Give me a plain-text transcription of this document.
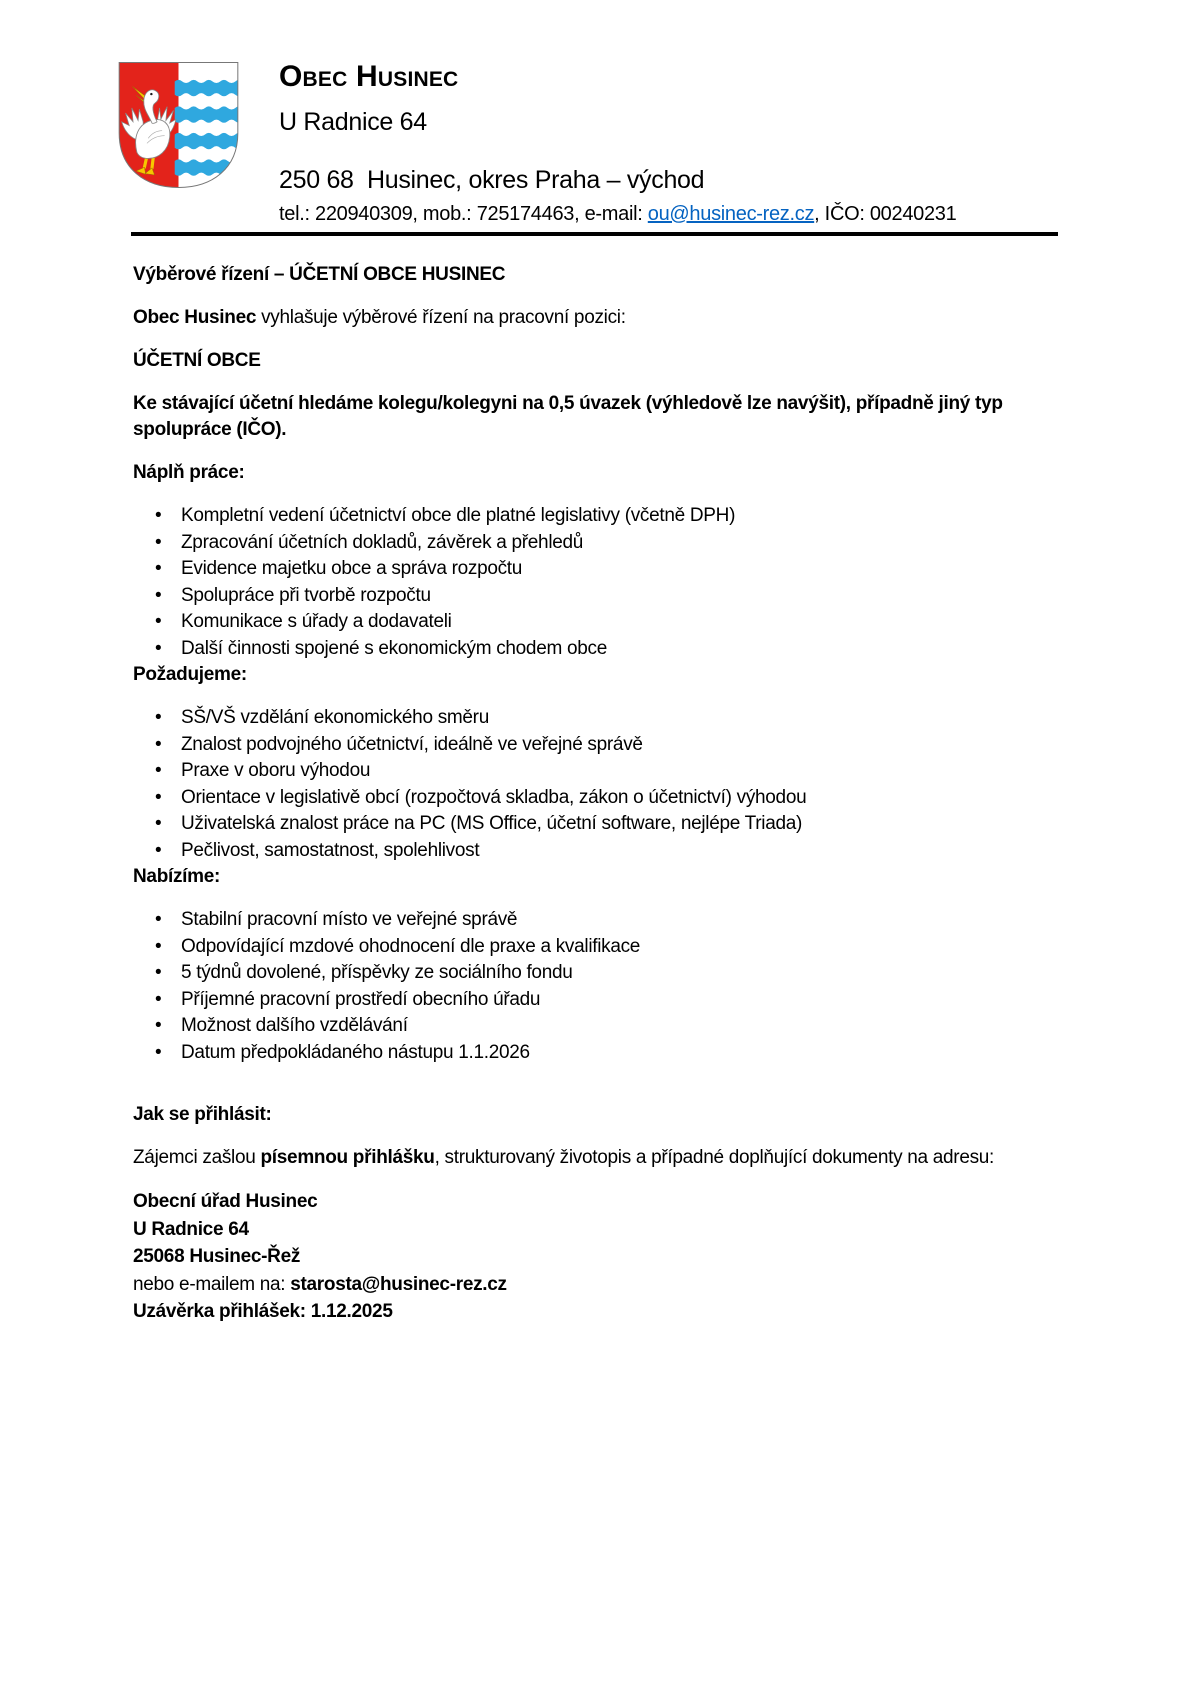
Obec Husinec
U Radnice 64
250 68  Husinec, okres Praha – východ
tel.: 220940309, mob.: 725174463, e-mail: ou@husinec-rez.cz, IČO: 00240231

Výběrové řízení – ÚČETNÍ OBCE HUSINEC

Obec Husinec vyhlašuje výběrové řízení na pracovní pozici:

ÚČETNÍ OBCE

Ke stávající účetní hledáme kolegu/kolegyni na 0,5 úvazek (výhledově lze navýšit), případně jiný typ spolupráce (IČO).

Náplň práce:

• Kompletní vedení účetnictví obce dle platné legislativy (včetně DPH)
• Zpracování účetních dokladů, závěrek a přehledů
• Evidence majetku obce a správa rozpočtu
• Spolupráce při tvorbě rozpočtu
• Komunikace s úřady a dodavateli
• Další činnosti spojené s ekonomickým chodem obce

Požadujeme:

• SŠ/VŠ vzdělání ekonomického směru
• Znalost podvojného účetnictví, ideálně ve veřejné správě
• Praxe v oboru výhodou
• Orientace v legislativě obcí (rozpočtová skladba, zákon o účetnictví) výhodou
• Uživatelská znalost práce na PC (MS Office, účetní software, nejlépe Triada)
• Pečlivost, samostatnost, spolehlivost

Nabízíme:

• Stabilní pracovní místo ve veřejné správě
• Odpovídající mzdové ohodnocení dle praxe a kvalifikace
• 5 týdnů dovolené, příspěvky ze sociálního fondu
• Příjemné pracovní prostředí obecního úřadu
• Možnost dalšího vzdělávání
• Datum předpokládaného nástupu 1.1.2026

Jak se přihlásit:

Zájemci zašlou písemnou přihlášku, strukturovaný životopis a případné doplňující dokumenty na adresu:

Obecní úřad Husinec
U Radnice 64
25068 Husinec-Řež
nebo e-mailem na: starosta@husinec-rez.cz
Uzávěrka přihlášek: 1.12.2025
